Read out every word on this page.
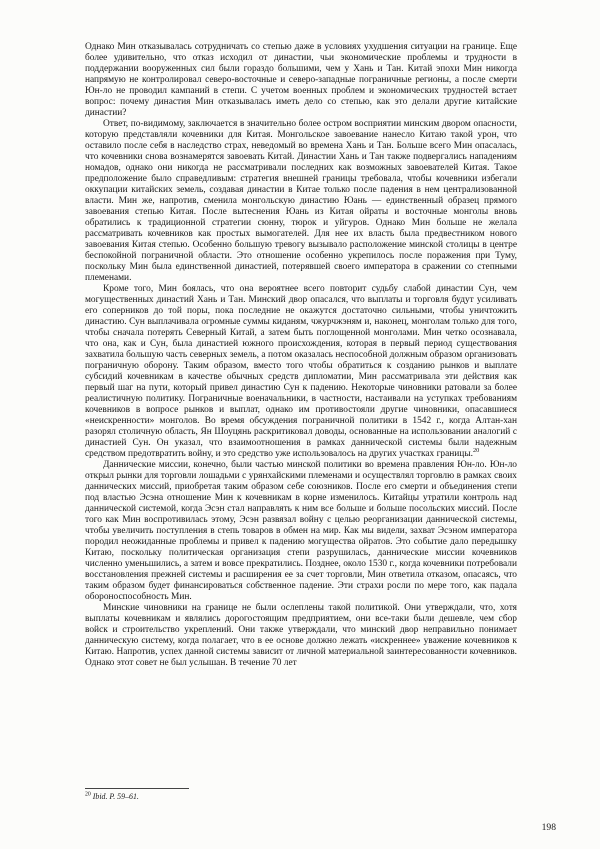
Однако Мин отказывалась сотрудничать со степью даже в условиях ухудшения ситуации на границе. Еще более удивительно, что отказ исходил от династии, чьи экономические проблемы и трудности в поддержании вооруженных сил были гораздо большими, чем у Хань и Тан. Китай эпохи Мин никогда напрямую не контролировал северо-восточные и северо-западные пограничные регионы, а после смерти Юн-ло не проводил кампаний в степи. С учетом военных проблем и экономических трудностей встает вопрос: почему династия Мин отказывалась иметь дело со степью, как это делали другие китайские династии?

Ответ, по-видимому, заключается в значительно более остром восприятии минским двором опасности, которую представляли кочевники для Китая. Монгольское завоевание нанесло Китаю такой урон, что оставило после себя в наследство страх, неведомый во времена Хань и Тан. Больше всего Мин опасалась, что кочевники снова вознамерятся завоевать Китай. Династии Хань и Тан также подвергались нападениям номадов, однако они никогда не рассматривали последних как возможных завоевателей Китая. Такое предположение было справедливым: стратегия внешней границы требовала, чтобы кочевники избегали оккупации китайских земель, создавая династии в Китае только после падения в нем централизованной власти. Мин же, напротив, сменила монгольскую династию Юань — единственный образец прямого завоевания степью Китая. После вытеснения Юань из Китая ойраты и восточные монголы вновь обратились к традиционной стратегии сюнну, тюрок и уйгуров. Однако Мин больше не желала рассматривать кочевников как простых вымогателей. Для нее их власть была предвестником нового завоевания Китая степью. Особенно большую тревогу вызывало расположение минской столицы в центре беспокойной пограничной области. Это отношение особенно укрепилось после поражения при Туму, поскольку Мин была единственной династией, потерявшей своего императора в сражении со степными племенами.

Кроме того, Мин боялась, что она вероятнее всего повторит судьбу слабой династии Сун, чем могущественных династий Хань и Тан. Минский двор опасался, что выплаты и торговля будут усиливать его соперников до той поры, пока последние не окажутся достаточно сильными, чтобы уничтожить династию. Сун выплачивала огромные суммы киданям, чжурчжэням и, наконец, монголам только для того, чтобы сначала потерять Северный Китай, а затем быть поглощенной монголами. Мин четко осознавала, что она, как и Сун, была династией южного происхождения, которая в первый период существования захватила большую часть северных земель, а потом оказалась неспособной должным образом организовать пограничную оборону. Таким образом, вместо того чтобы обратиться к созданию рынков и выплате субсидий кочевникам в качестве обычных средств дипломатии, Мин рассматривала эти действия как первый шаг на пути, который привел династию Сун к падению. Некоторые чиновники ратовали за более реалистичную политику. Пограничные военачальники, в частности, настаивали на уступках требованиям кочевников в вопросе рынков и выплат, однако им противостояли другие чиновники, опасавшиеся «неискренности» монголов. Во время обсуждения пограничной политики в 1542 г., когда Алтан-хан разорял столичную область, Ян Шоуцянь раскритиковал доводы, основанные на использовании аналогий с династией Сун. Он указал, что взаимоотношения в рамках даннической системы были надежным средством предотвратить войну, и это средство уже использовалось на других участках границы.$^{20}$

Даннические миссии, конечно, были частью минской политики во времена правления Юн-ло. Юн-ло открыл рынки для торговли лошадьми с урянхайскими племенами и осуществлял торговлю в рамках своих даннических миссий, приобретая таким образом себе союзников. После его смерти и объединения степи под властью Эсэна отношение Мин к кочевникам в корне изменилось. Китайцы утратили контроль над даннической системой, когда Эсэн стал направлять к ним все больше и больше посольских миссий. После того как Мин воспротивилась этому, Эсэн развязал войну с целью реорганизации даннической системы, чтобы увеличить поступления в степь товаров в обмен на мир. Как мы видели, захват Эсэном императора породил неожиданные проблемы и привел к падению могущества ойратов. Это событие дало передышку Китаю, поскольку политическая организация степи разрушилась, даннические миссии кочевников численно уменьшились, а затем и вовсе прекратились. Позднее, около 1530 г., когда кочевники потребовали восстановления прежней системы и расширения ее за счет торговли, Мин ответила отказом, опасаясь, что таким образом будет финансироваться собственное падение. Эти страхи росли по мере того, как падала обороноспособность Мин.

Минские чиновники на границе не были ослеплены такой политикой. Они утверждали, что, хотя выплаты кочевникам и являлись дорогостоящим предприятием, они все-таки были дешевле, чем сбор войск и строительство укреплений. Они также утверждали, что минский двор неправильно понимает данническую систему, когда полагает, что в ее основе должно лежать «искреннее» уважение кочевников к Китаю. Напротив, успех данной системы зависит от личной материальной заинтересованности кочевников. Однако этот совет не был услышан. В течение 70 лет

$^{20}$ Ibid. P. 59–61.
198
